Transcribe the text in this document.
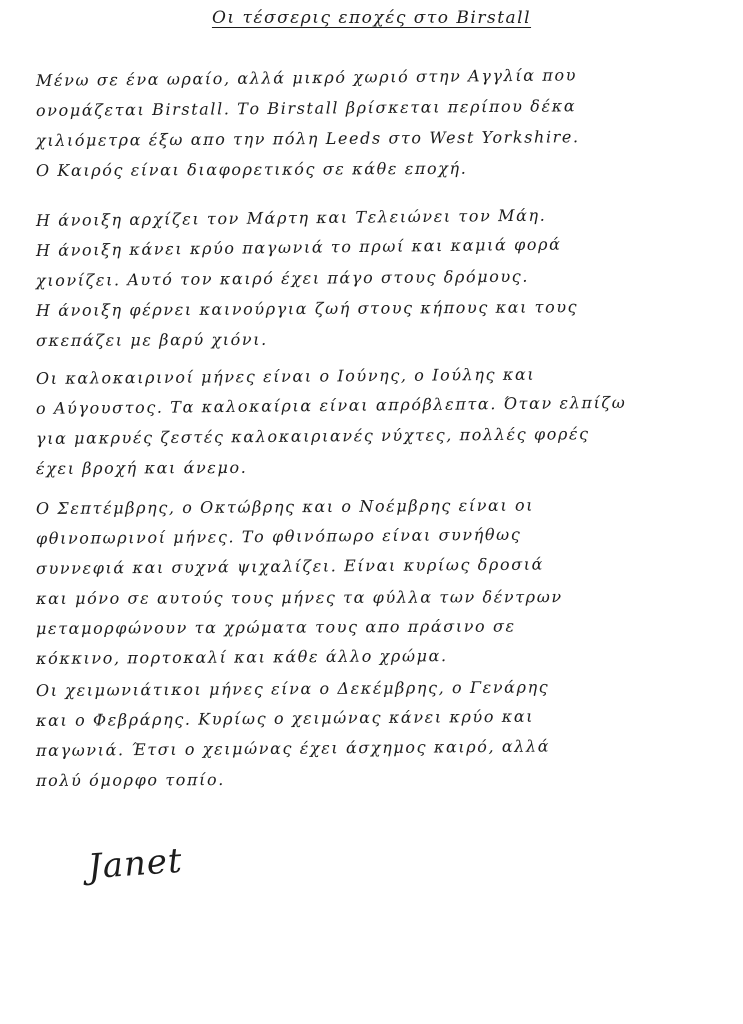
Οι τέσσερις εποχές στο Birstall
Μένω σε ένα ωραίο, αλλά μικρό χωριό στην Αγγλία που
ονομάζεται Birstall. Το Birstall βρίσκεται περίπου δέκα
χιλιόμετρα έξω απο την πόλη Leeds στο West Yorkshire.
Ο Καιρός είναι διαφορετικός σε κάθε εποχή.
Η άνοιξη αρχίζει τον Μάρτη και Τελειώνει τον Μάη.
Η άνοιξη κάνει κρύο παγωνιά το πρωί και καμιά φορά
χιονίζει. Αυτό τον καιρό έχει πάγο στους δρόμους.
Η άνοιξη φέρνει καινούργια ζωή στους κήπους και τους
σκεπάζει με βαρύ χιόνι.
Οι καλοκαιρινοί μήνες είναι ο Ιούνης, ο Ιούλης και
ο Αύγουστος. Τα καλοκαίρια είναι απρόβλεπτα. Όταν ελπίζω
για μακρυές ζεστές καλοκαιριανές νύχτες, πολλές φορές
έχει βροχή και άνεμο.
Ο Σεπτέμβρης, ο Οκτώβρης και ο Νοέμβρης είναι οι
φθινοπωρινοί μήνες. Το φθινόπωρο είναι συνήθως
συννεφιά και συχνά ψιχαλίζει. Είναι κυρίως δροσιά
και μόνο σε αυτούς τους μήνες τα φύλλα των δέντρων
μεταμορφώνουν τα χρώματα τους απο πράσινο σε
κόκκινο, πορτοκαλί και κάθε άλλο χρώμα.
Οι χειμωνιάτικοι μήνες είνα ο Δεκέμβρης, ο Γενάρης
και ο Φεβράρης. Κυρίως ο χειμώνας κάνει κρύο και
παγωνιά. Έτσι ο χειμώνας έχει άσχημος καιρό, αλλά
πολύ όμορφο τοπίο.
Janet
